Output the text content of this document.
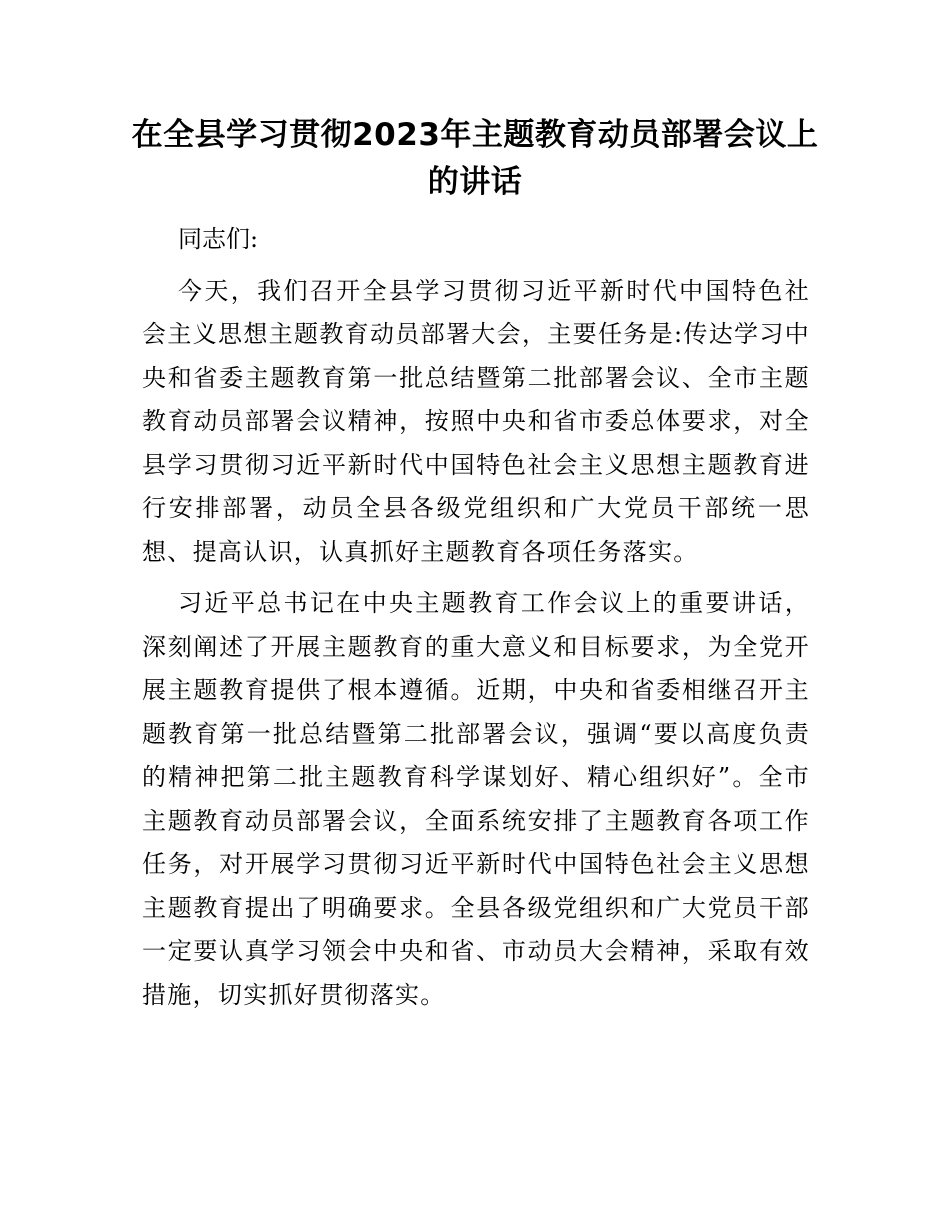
在全县学习贯彻2023年主题教育动员部署会议上的讲话

同志们:

今天，我们召开全县学习贯彻习近平新时代中国特色社会主义思想主题教育动员部署大会，主要任务是:传达学习中央和省委主题教育第一批总结暨第二批部署会议、全市主题教育动员部署会议精神，按照中央和省市委总体要求，对全县学习贯彻习近平新时代中国特色社会主义思想主题教育进行安排部署，动员全县各级党组织和广大党员干部统一思想、提高认识，认真抓好主题教育各项任务落实。

习近平总书记在中央主题教育工作会议上的重要讲话，深刻阐述了开展主题教育的重大意义和目标要求，为全党开展主题教育提供了根本遵循。近期，中央和省委相继召开主题教育第一批总结暨第二批部署会议，强调“要以高度负责的精神把第二批主题教育科学谋划好、精心组织好”。全市主题教育动员部署会议，全面系统安排了主题教育各项工作任务，对开展学习贯彻习近平新时代中国特色社会主义思想主题教育提出了明确要求。全县各级党组织和广大党员干部一定要认真学习领会中央和省、市动员大会精神，采取有效措施，切实抓好贯彻落实。
